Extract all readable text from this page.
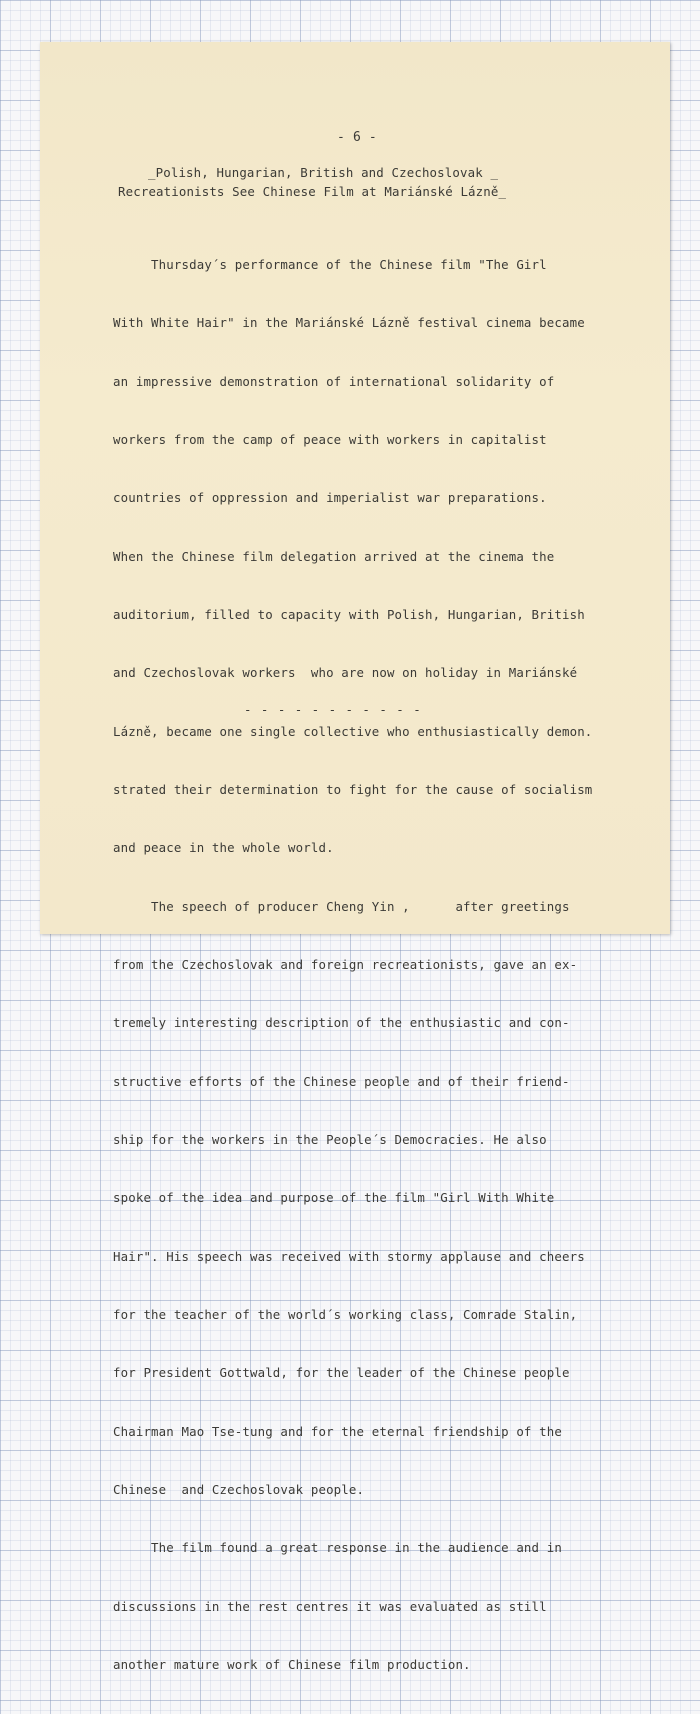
- 6 -
_Polish, Hungarian, British and Czechoslovak _
Recreationists See Chinese Film at Mariánské Lázně_

Thursday´s performance of the Chinese film "The Girl

With White Hair" in the Mariánské Lázně festival cinema became

an impressive demonstration of international solidarity of

workers from the camp of peace with workers in capitalist

countries of oppression and imperialist war preparations.

When the Chinese film delegation arrived at the cinema the

auditorium, filled to capacity with Polish, Hungarian, British

and Czechoslovak workers  who are now on holiday in Mariánské

Lázně, became one single collective who enthusiastically demon.

strated their determination to fight for the cause of socialism

and peace in the whole world.

The speech of producer Cheng Yin ,      after greetings

from the Czechoslovak and foreign recreationists, gave an ex-

tremely interesting description of the enthusiastic and con-

structive efforts of the Chinese people and of their friend-

ship for the workers in the People´s Democracies. He also

spoke of the idea and purpose of the film "Girl With White

Hair". His speech was received with stormy applause and cheers

for the teacher of the world´s working class, Comrade Stalin,

for President Gottwald, for the leader of the Chinese people

Chairman Mao Tse-tung and for the eternal friendship of the

Chinese  and Czechoslovak people.

The film found a great response in the audience and in

discussions in the rest centres it was evaluated as still

another mature work of Chinese film production.

- - - - - - - - - - -
